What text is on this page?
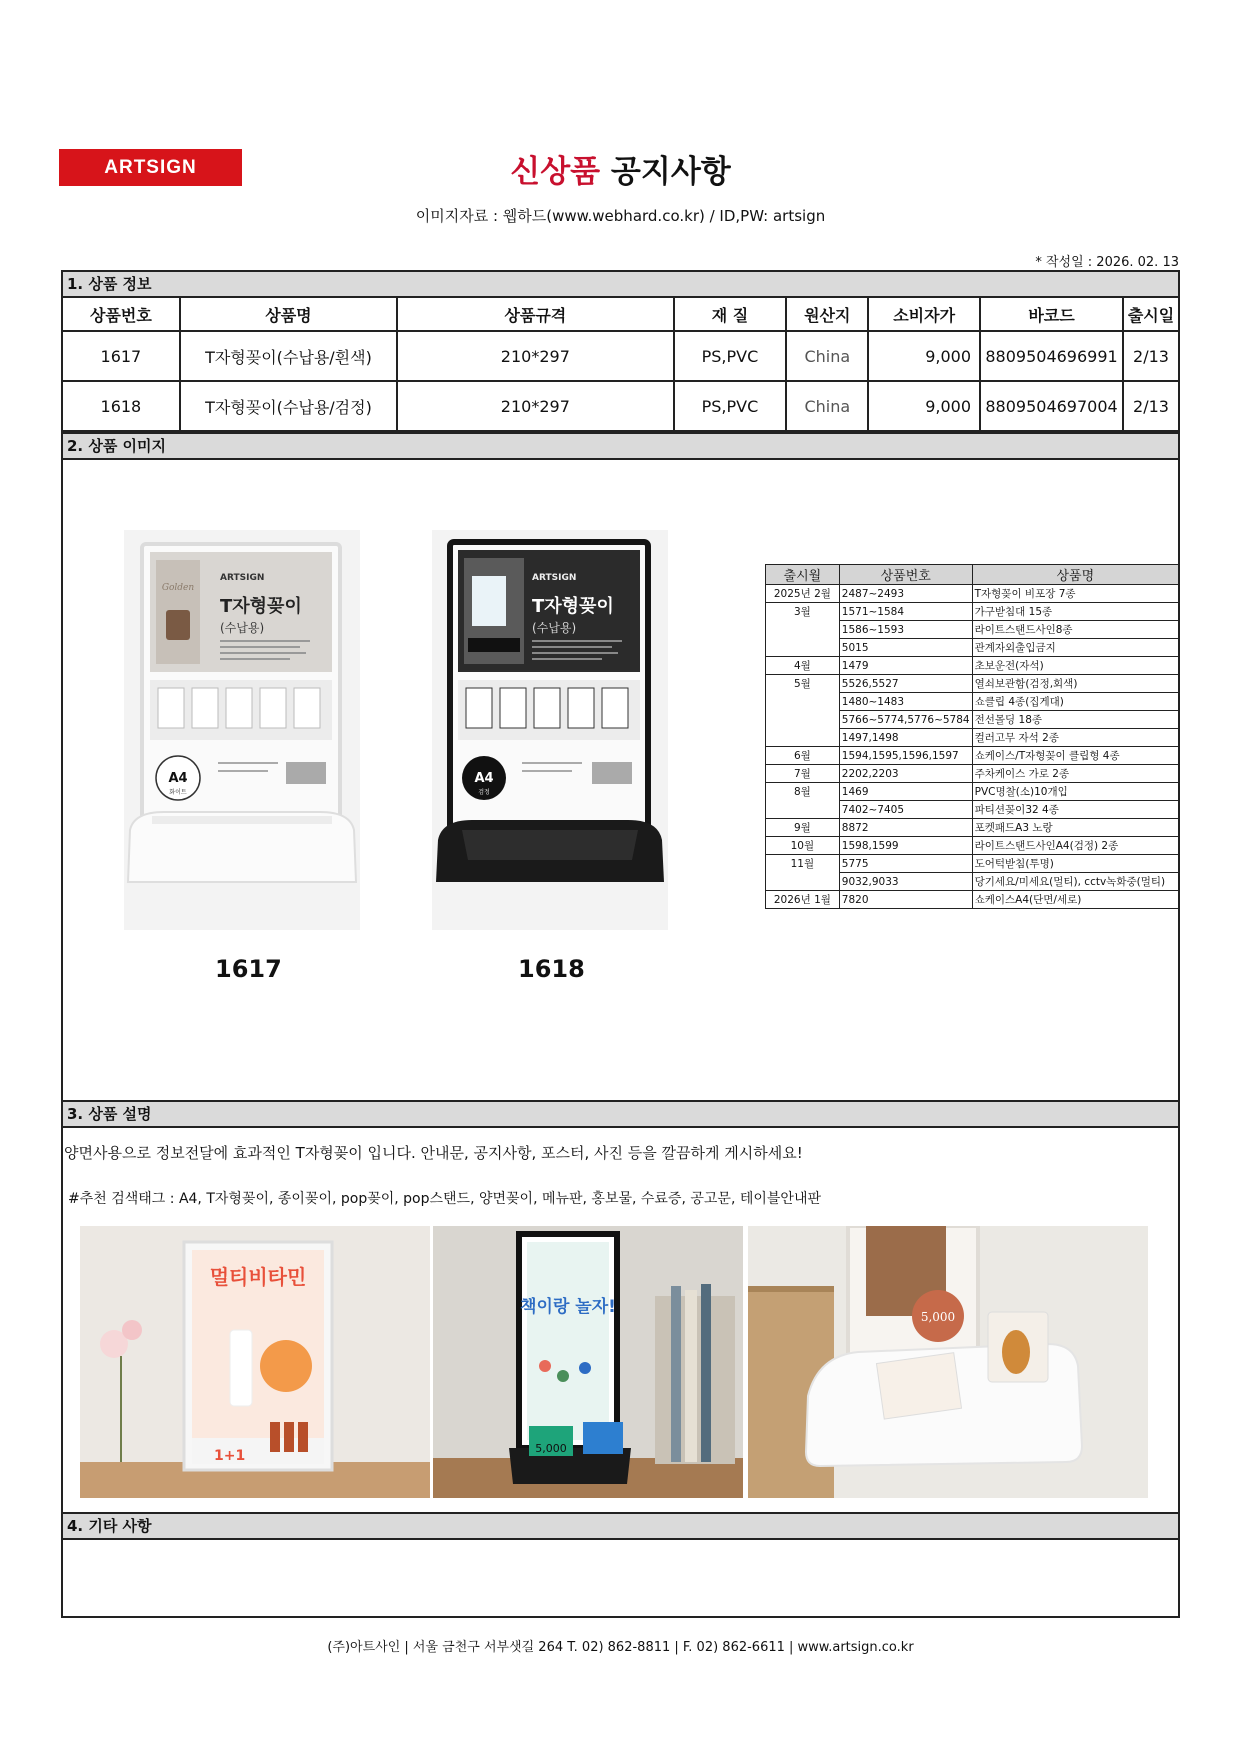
ARTSIGN	신상품 공지사항
이미지자료 : 웹하드(www.webhard.co.kr) / ID,PW: artsign
* 작성일 : 2026. 02. 13
1. 상품 정보
상품번호	상품명	상품규격	재 질	원산지	소비자가	바코드	출시일
1617	T자형꽂이(수납용/흰색)	210*297	PS,PVC	China	9,000	8809504696991	2/13
1618	T자형꽂이(수납용/검정)	210*297	PS,PVC	China	9,000	8809504697004	2/13
2. 상품 이미지
Golden
ARTSIGN
T자형꽂이
(수납용)
A4
화이트
1617
ARTSIGN
T자형꽂이
(수납용)
A4
검정
1618
출시월	상품번호	상품명
2025년 2월	2487~2493	T자형꽂이 비포장 7종
3월	1571~1584	가구받침대 15종
	1586~1593	라이트스탠드사인8종
	5015	관계자외출입금지
4월	1479	초보운전(자석)
5월	5526,5527	열쇠보관함(검정,회색)
	1480~1483	쇼클립 4종(집게대)
	5766~5774,5776~5784	전선몰딩 18종
	1497,1498	컬러고무 자석 2종
6월	1594,1595,1596,1597	쇼케이스/T자형꽂이 클립형 4종
7월	2202,2203	주차케이스 가로 2종
8월	1469	PVC명찰(소)10개입
	7402~7405	파티션꽂이32 4종
9월	8872	포켓패드A3 노랑
10월	1598,1599	라이트스탠드사인A4(검정) 2종
11월	5775	도어턱받침(투명)
	9032,9033	당기세요/미세요(멀티), cctv녹화중(멀티)
2026년 1월	7820	쇼케이스A4(단면/세로)
3. 상품 설명
양면사용으로 정보전달에 효과적인 T자형꽂이 입니다. 안내문, 공지사항, 포스터, 사진 등을 깔끔하게 게시하세요!
#추천 검색태그 : A4, T자형꽂이, 종이꽂이, pop꽂이, pop스탠드, 양면꽂이, 메뉴판, 홍보물, 수료증, 공고문, 테이블안내판
멀티비타민
1+1
책이랑 놀자!
5,000
5,000
4. 기타 사항
(주)아트사인 | 서울 금천구 서부샛길 264 T. 02) 862-8811 | F. 02) 862-6611 | www.artsign.co.kr
